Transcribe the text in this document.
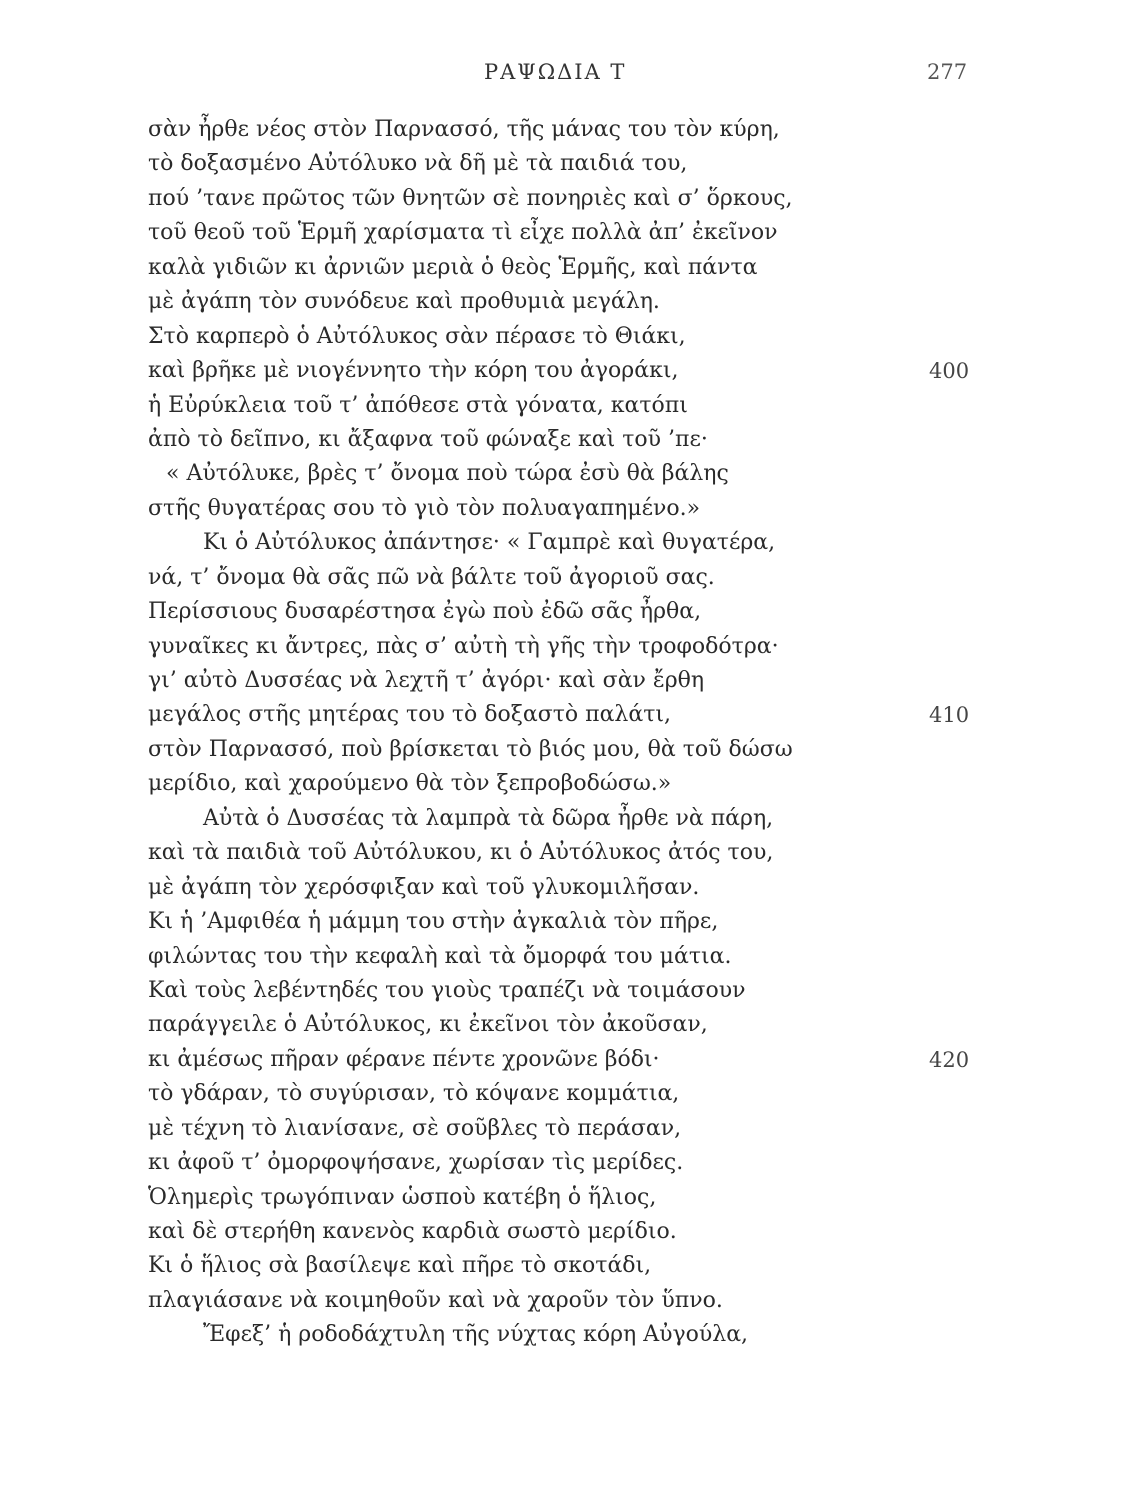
ΡΑΨΩΔΙΑ Τ	277
σὰν ἦρθε νέος στὸν Παρνασσό, τῆς μάνας του τὸν κύρη,
τὸ δοξασμένο Αὐτόλυκο νὰ δῆ μὲ τὰ παιδιά του,
πού ’τανε πρῶτος τῶν θνητῶν σὲ πονηριὲς καὶ σ’ ὅρκους,
τοῦ θεοῦ τοῦ Ἑρμῆ χαρίσματα τὶ εἶχε πολλὰ ἀπ’ ἐκεῖνον
καλὰ γιδιῶν κι ἀρνιῶν μεριὰ ὁ θεὸς Ἑρμῆς, καὶ πάντα
μὲ ἀγάπη τὸν συνόδευε καὶ προθυμιὰ μεγάλη.
Στὸ καρπερὸ ὁ Αὐτόλυκος σὰν πέρασε τὸ Θιάκι,
καὶ βρῆκε μὲ νιογέννητο τὴν κόρη του ἀγοράκι,	400
ἡ Εὐρύκλεια τοῦ τ’ ἀπόθεσε στὰ γόνατα, κατόπι
ἀπὸ τὸ δεῖπνο, κι ἄξαφνα τοῦ φώναξε καὶ τοῦ ’πε·
« Αὐτόλυκε, βρὲς τ’ ὄνομα ποὺ τώρα ἐσὺ θὰ βάλης
στῆς θυγατέρας σου τὸ γιὸ τὸν πολυαγαπημένο.»
Κι ὁ Αὐτόλυκος ἀπάντησε· « Γαμπρὲ καὶ θυγατέρα,
νά, τ’ ὄνομα θὰ σᾶς πῶ νὰ βάλτε τοῦ ἀγοριοῦ σας.
Περίσσιους δυσαρέστησα ἐγὼ ποὺ ἐδῶ σᾶς ἦρθα,
γυναῖκες κι ἄντρες, πὰς σ’ αὐτὴ τὴ γῆς τὴν τροφοδότρα·
γι’ αὐτὸ Δυσσέας νὰ λεχτῆ τ’ ἀγόρι· καὶ σὰν ἔρθη
μεγάλος στῆς μητέρας του τὸ δοξαστὸ παλάτι,	410
στὸν Παρνασσό, ποὺ βρίσκεται τὸ βιός μου, θὰ τοῦ δώσω
μερίδιο, καὶ χαρούμενο θὰ τὸν ξεπροβοδώσω.»
Αὐτὰ ὁ Δυσσέας τὰ λαμπρὰ τὰ δῶρα ἦρθε νὰ πάρη,
καὶ τὰ παιδιὰ τοῦ Αὐτόλυκου, κι ὁ Αὐτόλυκος ἀτός του,
μὲ ἀγάπη τὸν χερόσφιξαν καὶ τοῦ γλυκομιλῆσαν.
Κι ἡ ’Αμφιθέα ἡ μάμμη του στὴν ἀγκαλιὰ τὸν πῆρε,
φιλώντας του τὴν κεφαλὴ καὶ τὰ ὄμορφά του μάτια.
Καὶ τοὺς λεβέντηδές του γιοὺς τραπέζι νὰ τοιμάσουν
παράγγειλε ὁ Αὐτόλυκος, κι ἐκεῖνοι τὸν ἀκοῦσαν,
κι ἀμέσως πῆραν φέρανε πέντε χρονῶνε βόδι·	420
τὸ γδάραν, τὸ συγύρισαν, τὸ κόψανε κομμάτια,
μὲ τέχνη τὸ λιανίσανε, σὲ σοῦβλες τὸ περάσαν,
κι ἀφοῦ τ’ ὀμορφοψήσανε, χωρίσαν τὶς μερίδες.
Ὁλημερὶς τρωγόπιναν ὡσποὺ κατέβη ὁ ἥλιος,
καὶ δὲ στερήθη κανενὸς καρδιὰ σωστὸ μερίδιο.
Κι ὁ ἥλιος σὰ βασίλεψε καὶ πῆρε τὸ σκοτάδι,
πλαγιάσανε νὰ κοιμηθοῦν καὶ νὰ χαροῦν τὸν ὕπνο.
Ἔφεξ’ ἡ ροδοδάχτυλη τῆς νύχτας κόρη Αὐγούλα,
